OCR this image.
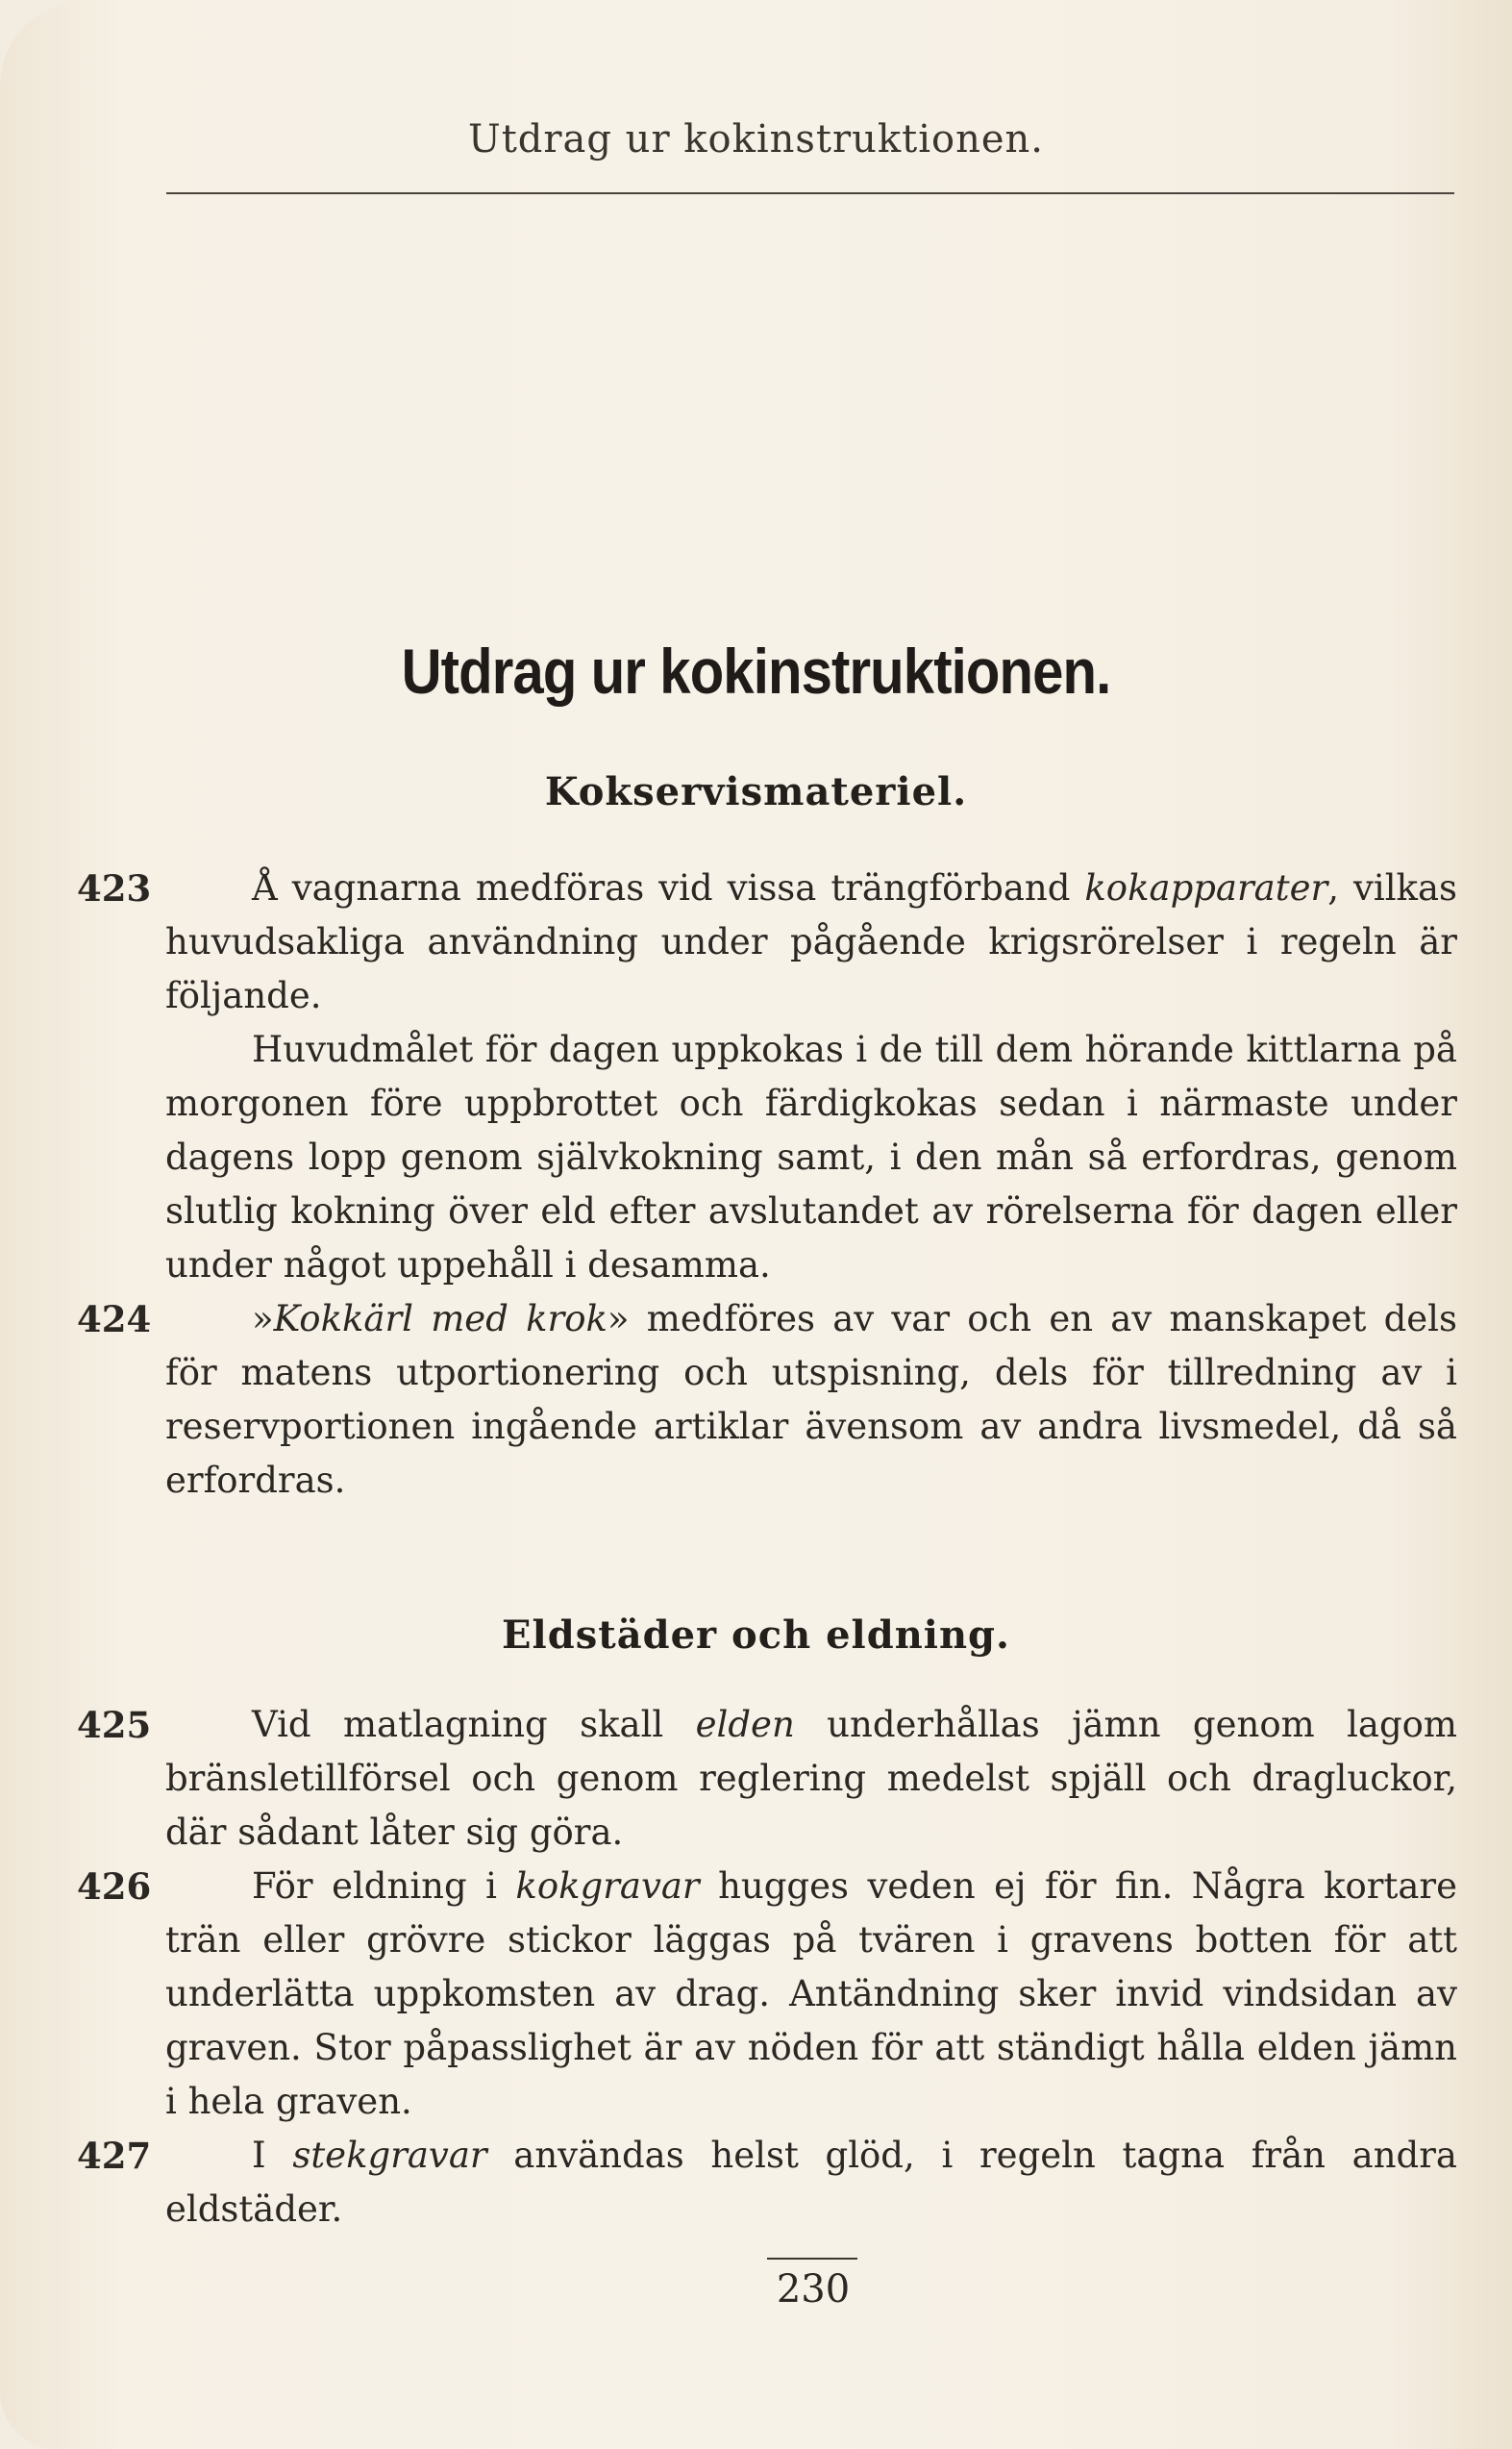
Utdrag ur kokinstruktionen.
Utdrag ur kokinstruktionen.
Kokservismateriel.

423	Å vagnarna medföras vid vissa trängförband kokapparater, vilkas huvudsakliga användning under pågående krigsrörelser i regeln är följande.

Huvudmålet för dagen uppkokas i de till dem hörande kittlarna på morgonen före uppbrottet och färdigkokas sedan i närmaste under dagens lopp genom självkokning samt, i den mån så erfordras, genom slutlig kokning över eld efter avslutandet av rörelserna för dagen eller under något uppehåll i desamma.

424	»Kokkärl med krok» medföres av var och en av manskapet dels för matens utportionering och utspisning, dels för tillredning av i reservportionen ingående artiklar ävensom av andra livsmedel, då så erfordras.

Eldstäder och eldning.

425	Vid matlagning skall elden underhållas jämn genom lagom bränsletillförsel och genom reglering medelst spjäll och dragluckor, där sådant låter sig göra.

426	För eldning i kokgravar hugges veden ej för fin. Några kortare trän eller grövre stickor läggas på tvären i gravens botten för att underlätta uppkomsten av drag. Antändning sker invid vindsidan av graven. Stor påpasslighet är av nöden för att ständigt hålla elden jämn i hela graven.

427	I stekgravar användas helst glöd, i regeln tagna från andra eldstäder.

230
